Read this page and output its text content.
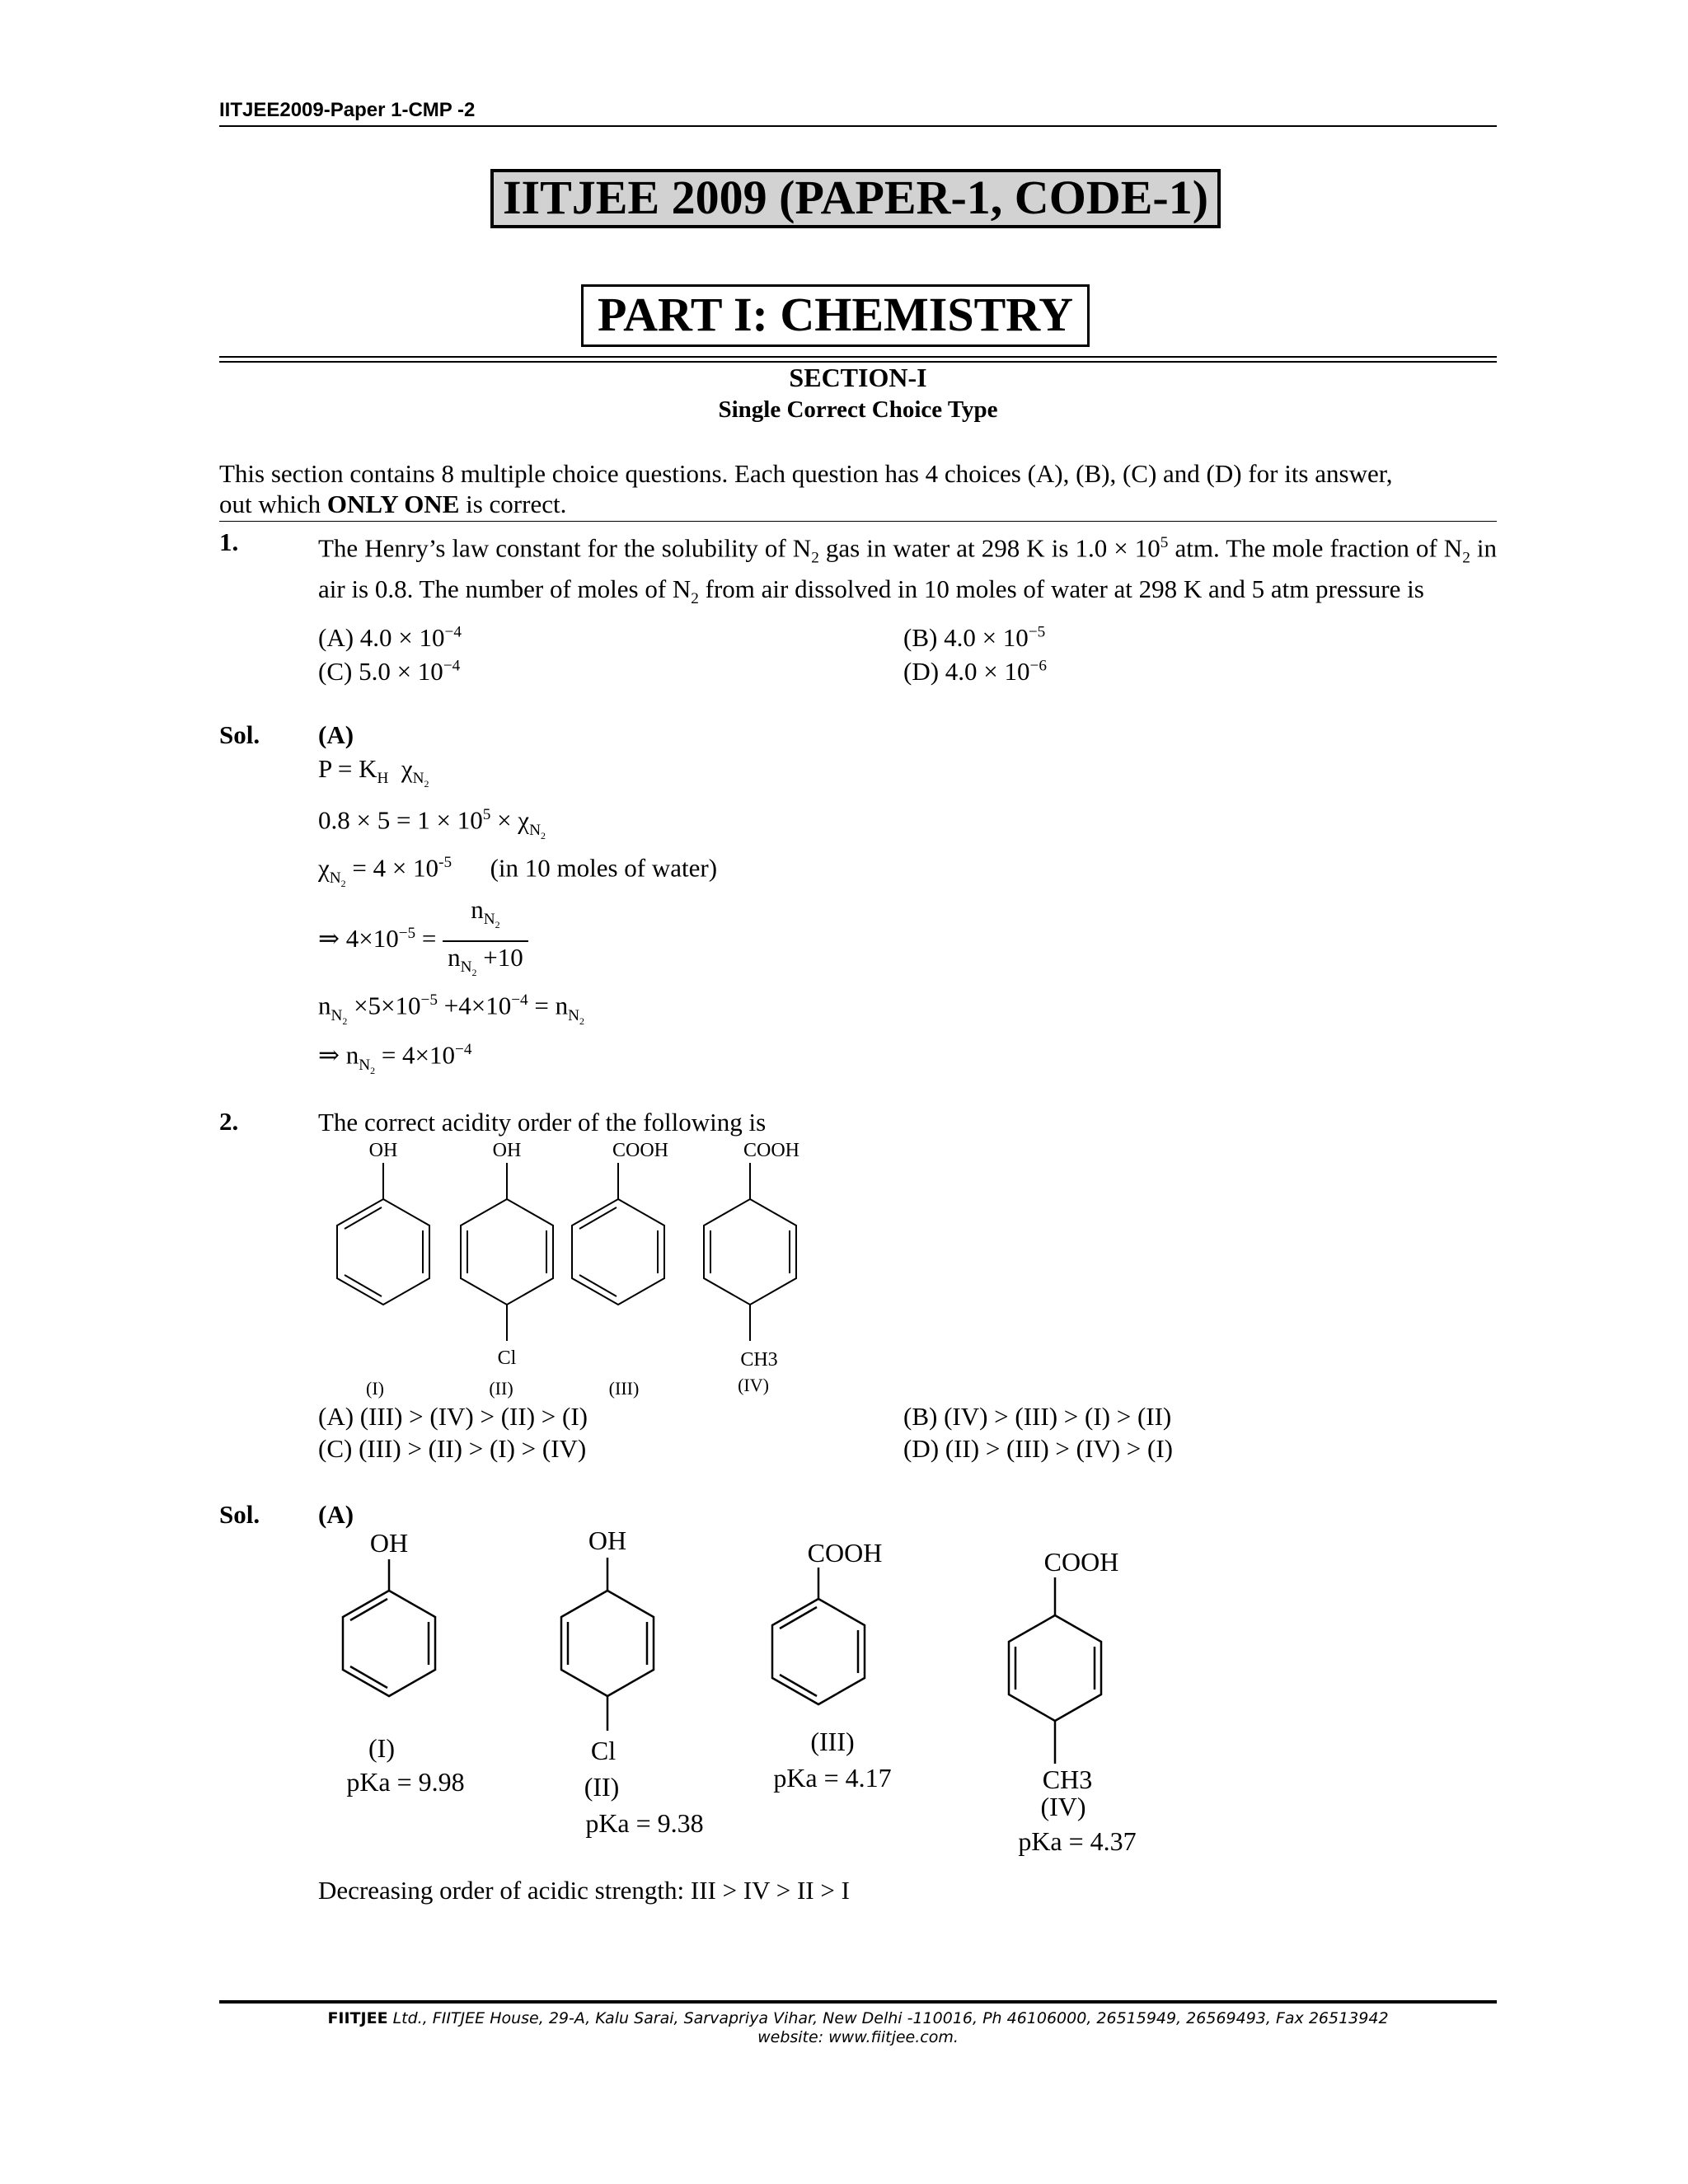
IITJEE2009-Paper 1-CMP -2
IITJEE 2009 (PAPER-1, CODE-1)
PART I: CHEMISTRY
SECTION-I
Single Correct Choice Type
This section contains 8 multiple choice questions. Each question has 4 choices (A), (B), (C) and (D) for its answer,
out which ONLY ONE is correct.
1.	The Henry’s law constant for the solubility of $N_2$ gas in water at 298 K is $1.0 \times 10^5$ atm. The mole fraction of $N_2$ in air is 0.8. The number of moles of $N_2$ from air dissolved in 10 moles of water at 298 K and 5 atm pressure is
(A) $4.0 \times 10^{-4}$	(B) $4.0 \times 10^{-5}$
(C) $5.0 \times 10^{-4}$	(D) $4.0 \times 10^{-6}$
Sol. (A)
$P = K_H$  $\chi_{N_2}$
$0.8 \times 5 = 1 \times 10^5 \times \chi_{N_2}$
$\chi_{N_2} = 4 \times 10^{-5}$ (in 10 moles of water)
⇒ $4\times 10^{-5} = \frac{n_{N_2}}{n_{N_2} +10}$
$n_{N_2} \times 5\times 10^{-5} +4\times 10^{-4} = n_{N_2}$
⇒ $n_{N_2} = 4\times 10^{-4}$
2.	The correct acidity order of the following is
OH
(I)
OH
Cl
(II)
COOH
(III)
COOH
CH3
(IV)
(A) (III) > (IV) > (II) > (I)	(B) (IV) > (III) > (I) > (II)
(C) (III) > (II) > (I) > (IV)	(D) (II) > (III) > (IV) > (I)
Sol. (A)
OH
(I)
pKa = 9.98
OH
Cl
(II)
pKa = 9.38
COOH
(III)
pKa = 4.17
COOH
CH3
(IV)
pKa = 4.37
Decreasing order of acidic strength: III > IV > II > I
FIITJEE Ltd., FIITJEE House, 29-A, Kalu Sarai, Sarvapriya Vihar, New Delhi -110016, Ph 46106000, 26515949, 26569493, Fax 26513942
website: www.fiitjee.com.
